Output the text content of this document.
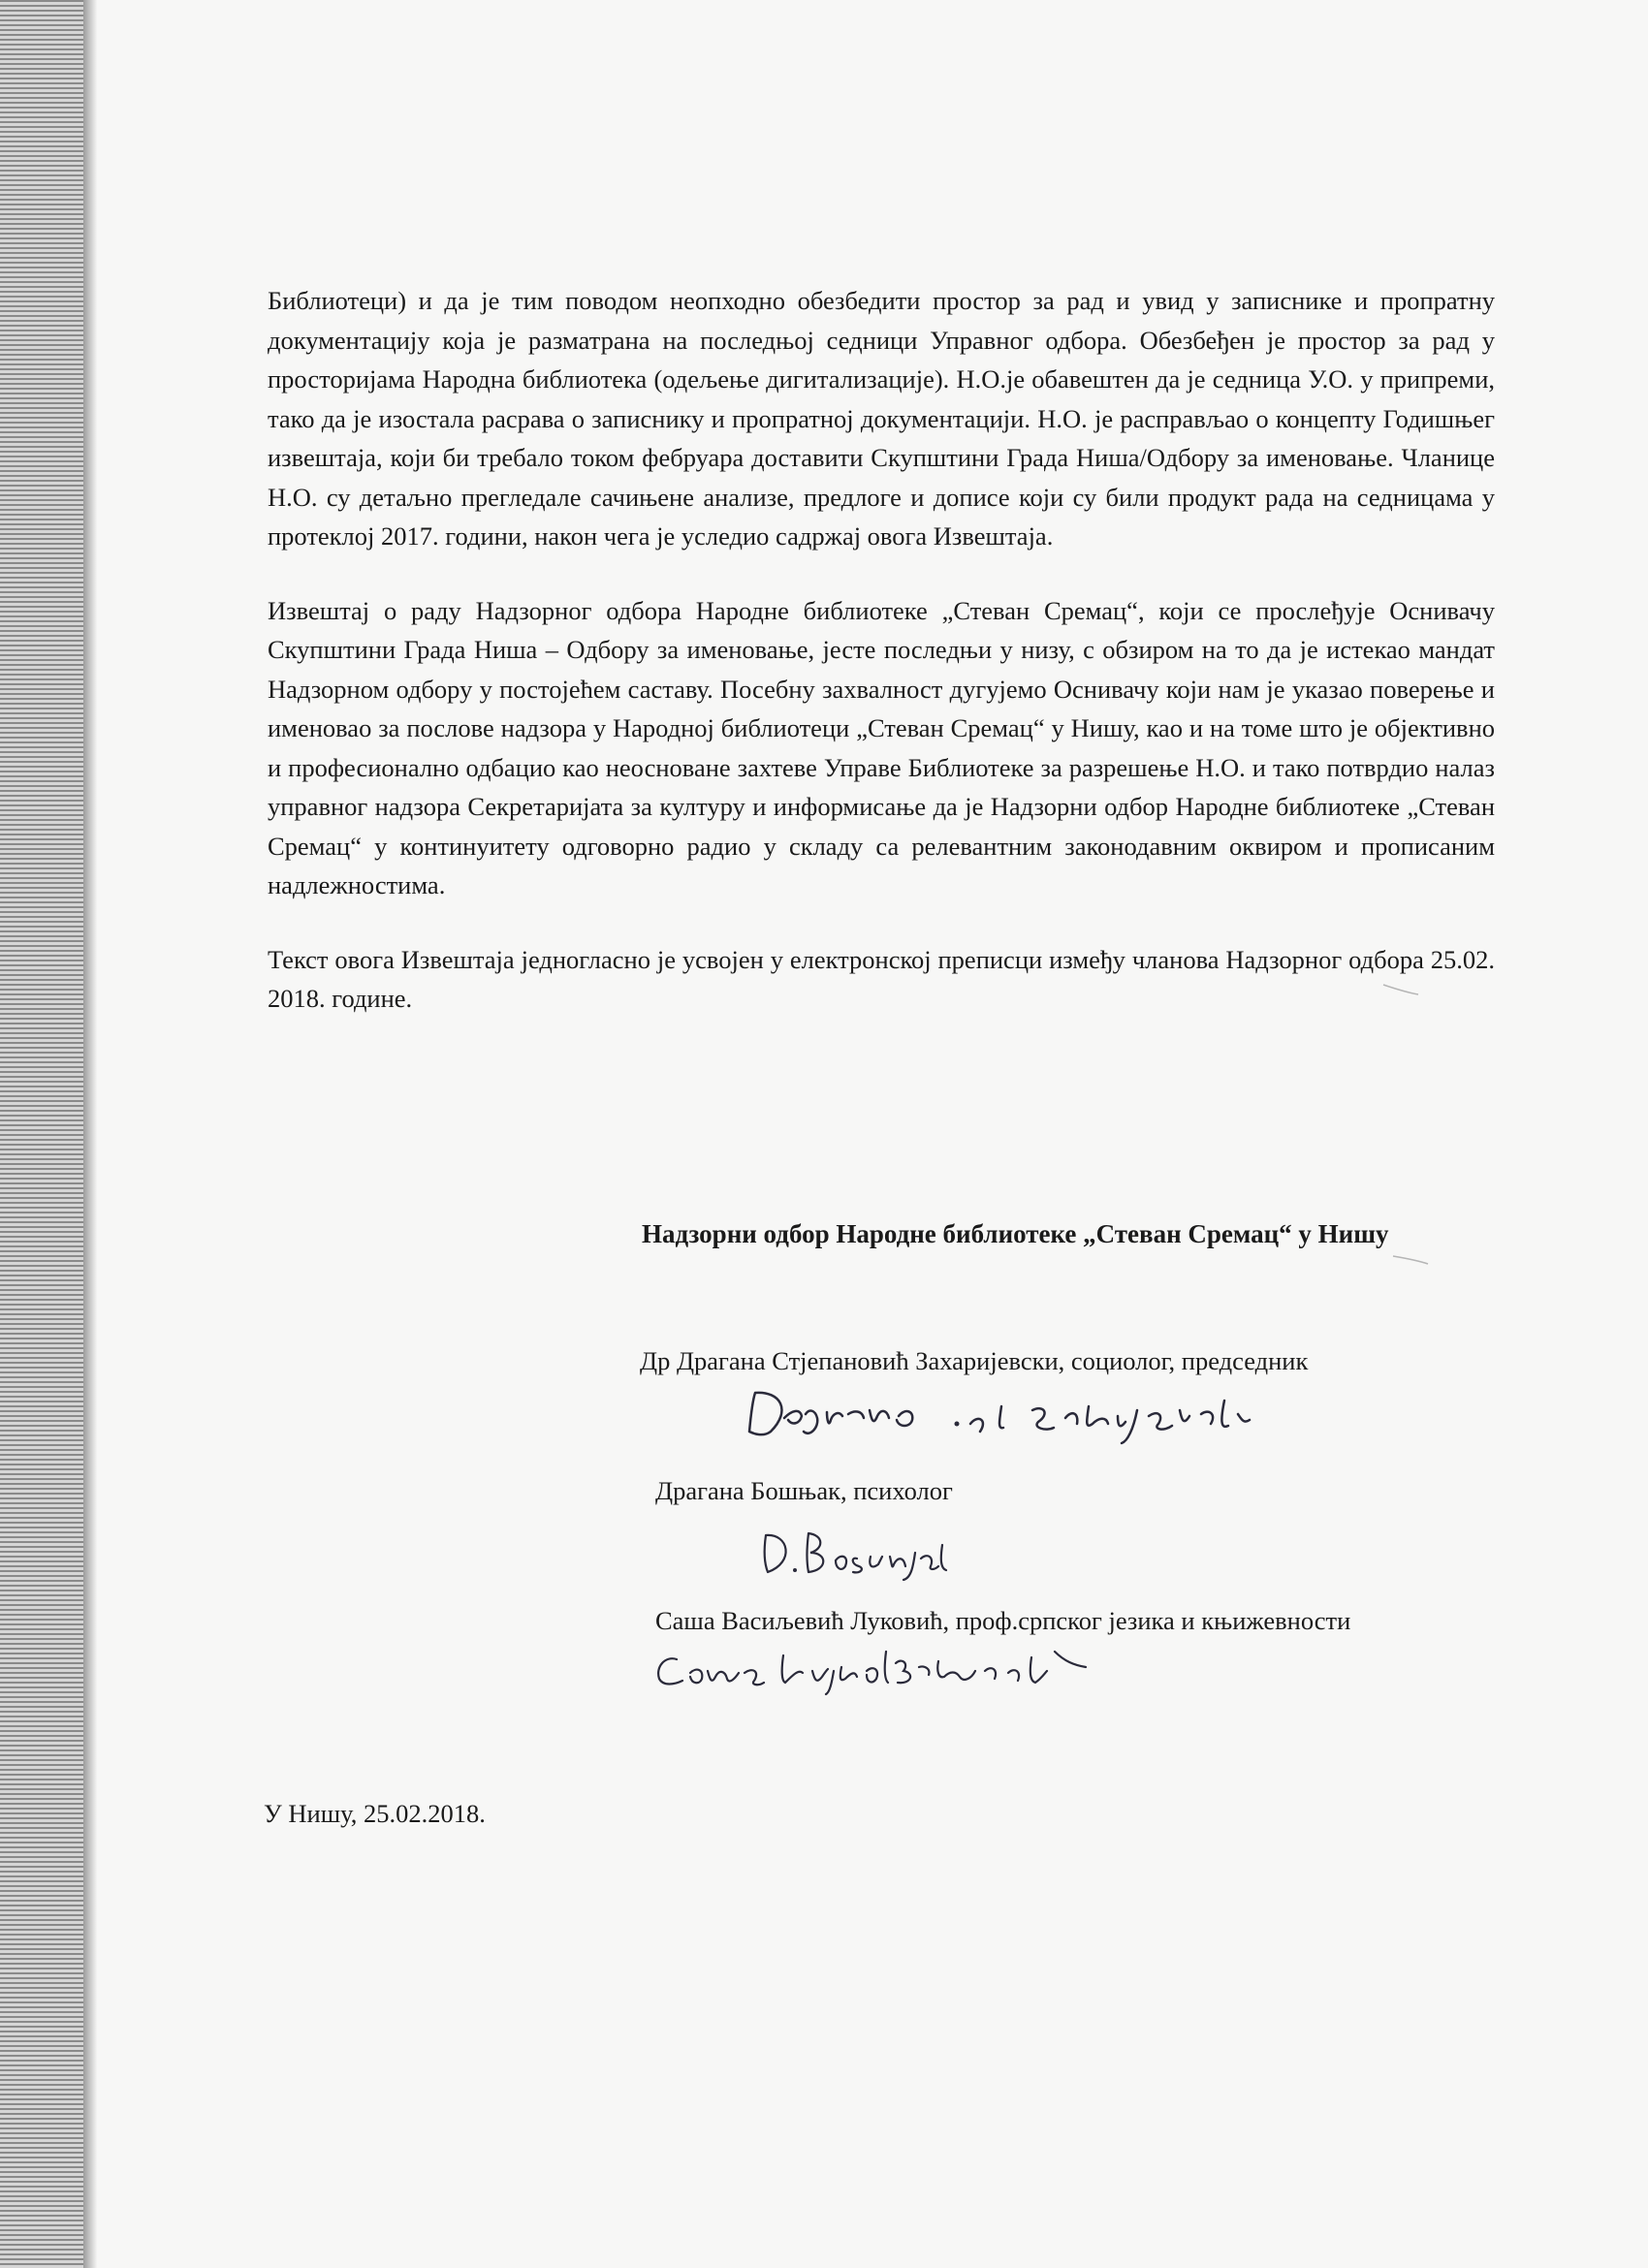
Библиотеци) и да је тим поводом неопходно обезбедити простор за рад и увид у записнике и пропратну документацију која је разматрана на последњој седници Управног одбора. Обезбеђен је простор за рад у просторијама Народна библиотека (одељење дигитализације). Н.О.је обавештен да је седница У.О. у припреми, тако да је изостала расрава о записнику и пропратној документацији. Н.О. је расправљао о концепту Годишњег извештаја, који би требало током фебруара доставити Скупштини Града Ниша/Одбору за именовање. Чланице Н.О. су детаљно прегледале сачињене анализе, предлоге и дописе који су били продукт рада на седницама у протеклој 2017. години, након чега је уследио садржај овога Извештаја.

Извештај о раду Надзорног одбора Народне библиотеке „Стеван Сремац“, који се прослеђује Оснивачу Скупштини Града Ниша – Одбору за именовање, јесте последњи у низу, с обзиром на то да је истекао мандат Надзорном одбору у постојећем саставу. Посебну захвалност дугујемо Оснивачу који нам је указао поверење и именовао за послове надзора у Народној библиотеци „Стеван Сремац“ у Нишу, као и на томе што је објективно и професионално одбацио као неосноване захтеве Управе Библиотеке за разрешење Н.О. и тако потврдио налаз управног надзора Секретаријата за културу и информисање да је Надзорни одбор Народне библиотеке „Стеван Сремац“ у континуитету одговорно радио у складу са релевантним законодавним оквиром и прописаним надлежностима.

Текст овога Извештаја једногласно је усвојен у електронској преписци између чланова Надзорног одбора 25.02. 2018. године.

Надзорни одбор Народне библиотеке „Стеван Сремац“ у Нишу
Др Драгана Стјепановић Захаријевски, социолог, председник
Драгана Бошњак, психолог
Саша Васиљевић Луковић, проф.српског језика и књижевности
У Нишу, 25.02.2018.
